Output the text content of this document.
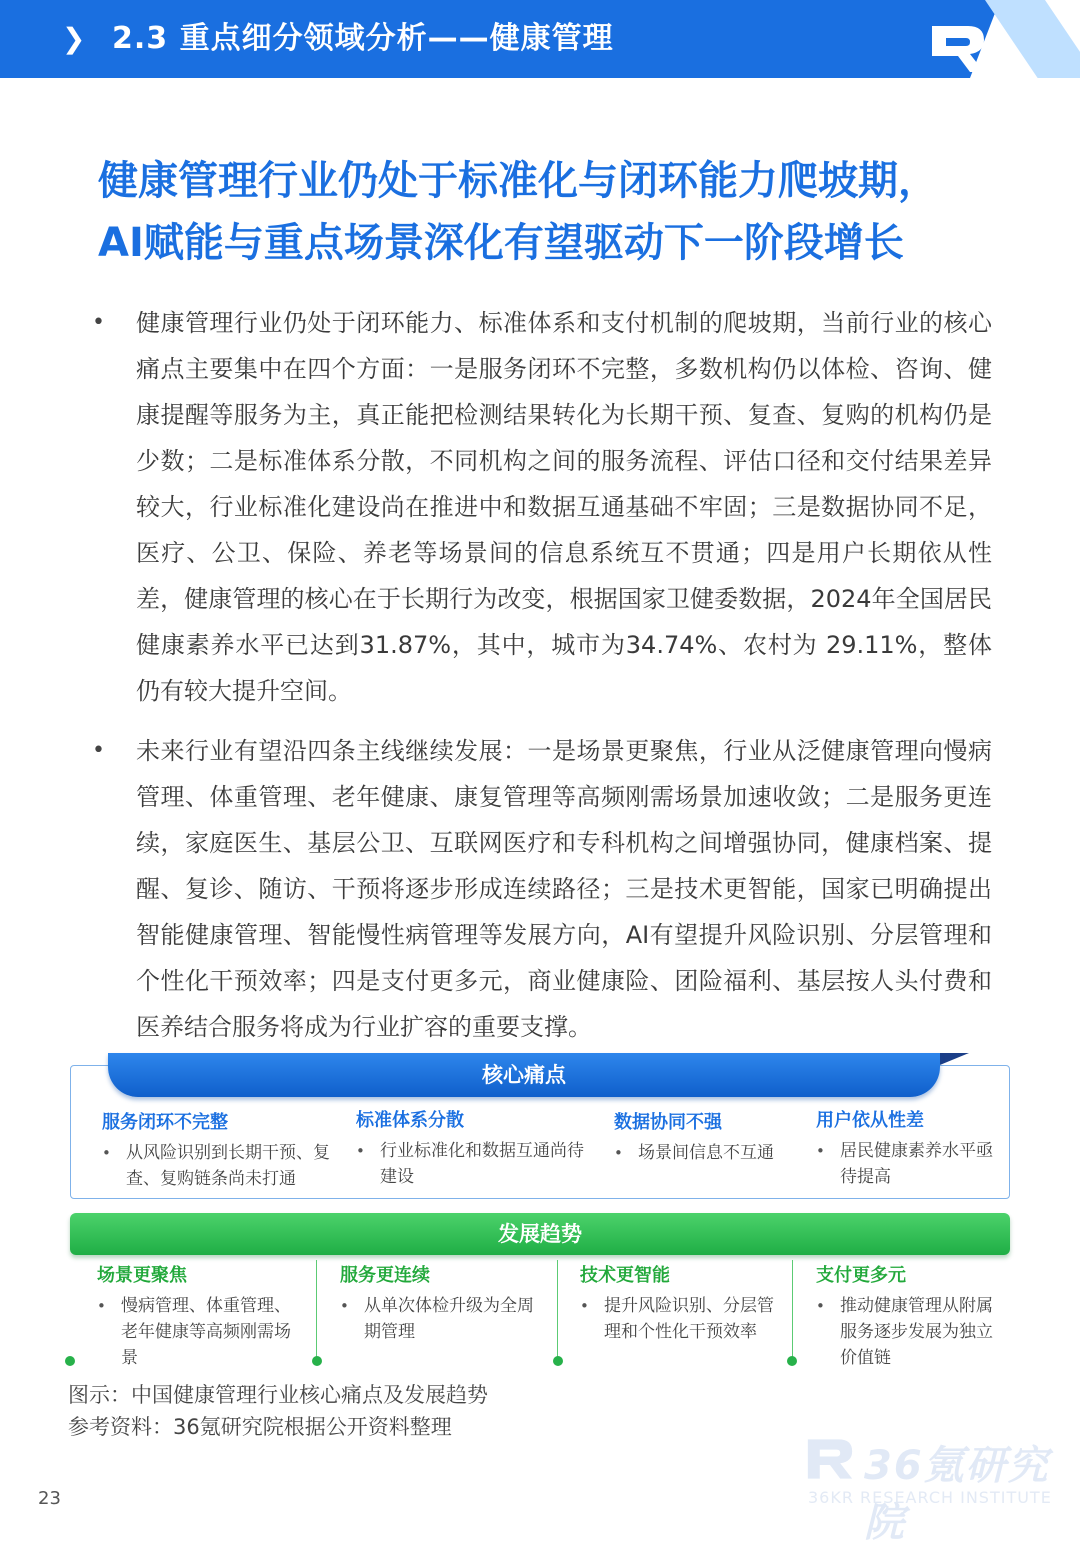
❯ 2.3 重点细分领域分析——健康管理
健康管理行业仍处于标准化与闭环能力爬坡期，
AI赋能与重点场景深化有望驱动下一阶段增长
• 健康管理行业仍处于闭环能力、标准体系和支付机制的爬坡期，当前行业的核心痛点主要集中在四个方面：一是服务闭环不完整，多数机构仍以体检、咨询、健康提醒等服务为主，真正能把检测结果转化为长期干预、复查、复购的机构仍是少数；二是标准体系分散，不同机构之间的服务流程、评估口径和交付结果差异较大，行业标准化建设尚在推进中和数据互通基础不牢固；三是数据协同不足，医疗、公卫、保险、养老等场景间的信息系统互不贯通；四是用户长期依从性差，健康管理的核心在于长期行为改变，根据国家卫健委数据，2024年全国居民健康素养水平已达到31.87%，其中，城市为34.74%、农村为 29.11%，整体仍有较大提升空间。
• 未来行业有望沿四条主线继续发展：一是场景更聚焦，行业从泛健康管理向慢病管理、体重管理、老年健康、康复管理等高频刚需场景加速收敛；二是服务更连续，家庭医生、基层公卫、互联网医疗和专科机构之间增强协同，健康档案、提醒、复诊、随访、干预将逐步形成连续路径；三是技术更智能，国家已明确提出智能健康管理、智能慢性病管理等发展方向，AI有望提升风险识别、分层管理和个性化干预效率；四是支付更多元，商业健康险、团险福利、基层按人头付费和医养结合服务将成为行业扩容的重要支撑。
核心痛点
服务闭环不完整
• 从风险识别到长期干预、复查、复购链条尚未打通
标准体系分散
• 行业标准化和数据互通尚待建设
数据协同不强
• 场景间信息不互通
用户依从性差
• 居民健康素养水平亟待提高
发展趋势
场景更聚焦
• 慢病管理、体重管理、老年健康等高频刚需场景
服务更连续
• 从单次体检升级为全周期管理
技术更智能
• 提升风险识别、分层管理和个性化干预效率
支付更多元
• 推动健康管理从附属服务逐步发展为独立价值链

图示：中国健康管理行业核心痛点及发展趋势

参考资料：36氪研究院根据公开资料整理

23
36氪研究院
36KR RESEARCH INSTITUTE
